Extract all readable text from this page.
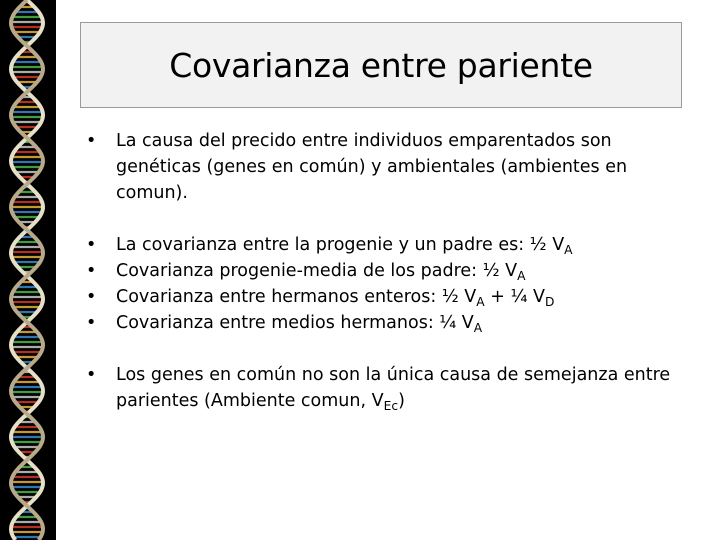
Covarianza entre pariente
•	La causa del precido entre individuos emparentados son genéticas (genes en común) y ambientales (ambientes en comun).
•	La covarianza entre la progenie y un padre es: ½ $V_A$
•	Covarianza progenie-media de los padre: ½ $V_A$
•	Covarianza entre hermanos enteros: ½ $V_A$ + ¼ $V_D$
•	Covarianza entre medios hermanos: ¼ $V_A$
•	Los genes en común no son la única causa de semejanza entre parientes (Ambiente comun, $V_{Ec}$)
